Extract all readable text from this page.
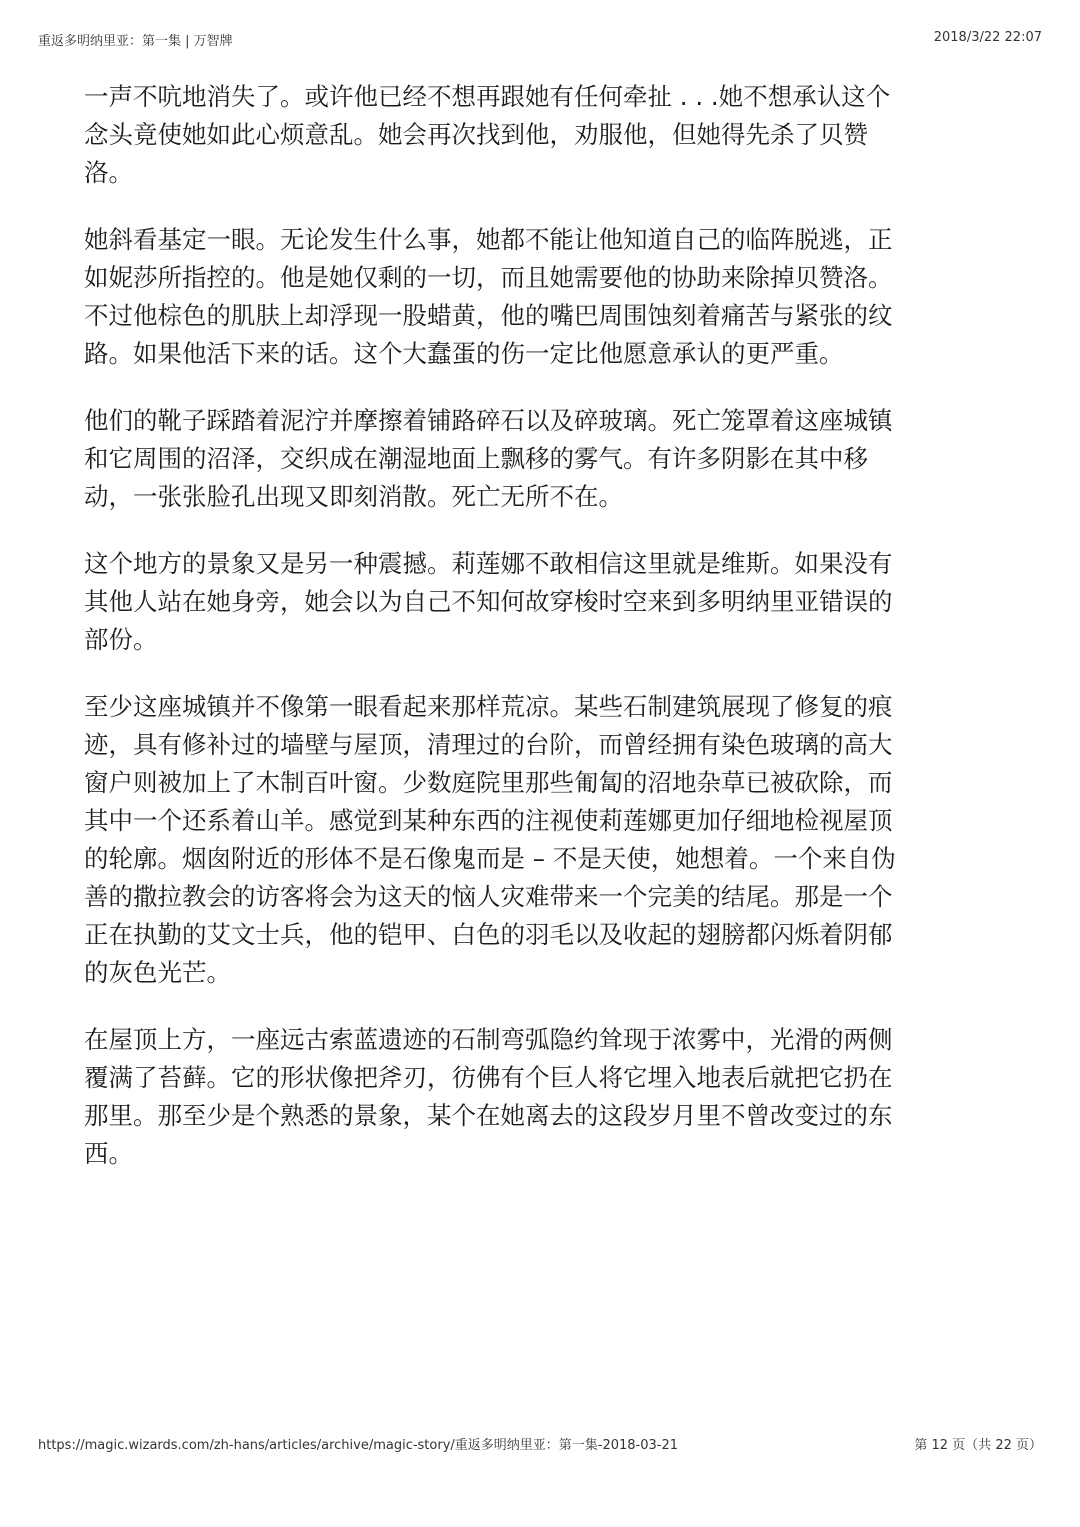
重返多明纳里亚：第一集 | 万智牌	2018/3/22 22:07

一声不吭地消失了。或许他已经不想再跟她有任何牵扯 . . .她不想承认这个
念头竟使她如此心烦意乱。她会再次找到他，劝服他，但她得先杀了贝赞
洛。

她斜看基定一眼。无论发生什么事，她都不能让他知道自己的临阵脱逃，正
如妮莎所指控的。他是她仅剩的一切，而且她需要他的协助来除掉贝赞洛。
不过他棕色的肌肤上却浮现一股蜡黄，他的嘴巴周围蚀刻着痛苦与紧张的纹
路。如果他活下来的话。这个大蠢蛋的伤一定比他愿意承认的更严重。

他们的靴子踩踏着泥泞并摩擦着铺路碎石以及碎玻璃。死亡笼罩着这座城镇
和它周围的沼泽，交织成在潮湿地面上飘移的雾气。有许多阴影在其中移
动，一张张脸孔出现又即刻消散。死亡无所不在。

这个地方的景象又是另一种震撼。莉莲娜不敢相信这里就是维斯。如果没有
其他人站在她身旁，她会以为自己不知何故穿梭时空来到多明纳里亚错误的
部份。

至少这座城镇并不像第一眼看起来那样荒凉。某些石制建筑展现了修复的痕
迹，具有修补过的墙壁与屋顶，清理过的台阶，而曾经拥有染色玻璃的高大
窗户则被加上了木制百叶窗。少数庭院里那些匍匐的沼地杂草已被砍除，而
其中一个还系着山羊。感觉到某种东西的注视使莉莲娜更加仔细地检视屋顶
的轮廓。烟囱附近的形体不是石像鬼而是 – 不是天使，她想着。一个来自伪
善的撒拉教会的访客将会为这天的恼人灾难带来一个完美的结尾。那是一个
正在执勤的艾文士兵，他的铠甲、白色的羽毛以及收起的翅膀都闪烁着阴郁
的灰色光芒。

在屋顶上方，一座远古索蓝遗迹的石制弯弧隐约耸现于浓雾中，光滑的两侧
覆满了苔藓。它的形状像把斧刃，彷佛有个巨人将它埋入地表后就把它扔在
那里。那至少是个熟悉的景象，某个在她离去的这段岁月里不曾改变过的东
西。

https://magic.wizards.com/zh-hans/articles/archive/magic-story/重返多明纳里亚：第一集-2018-03-21	第 12 页（共 22 页）
